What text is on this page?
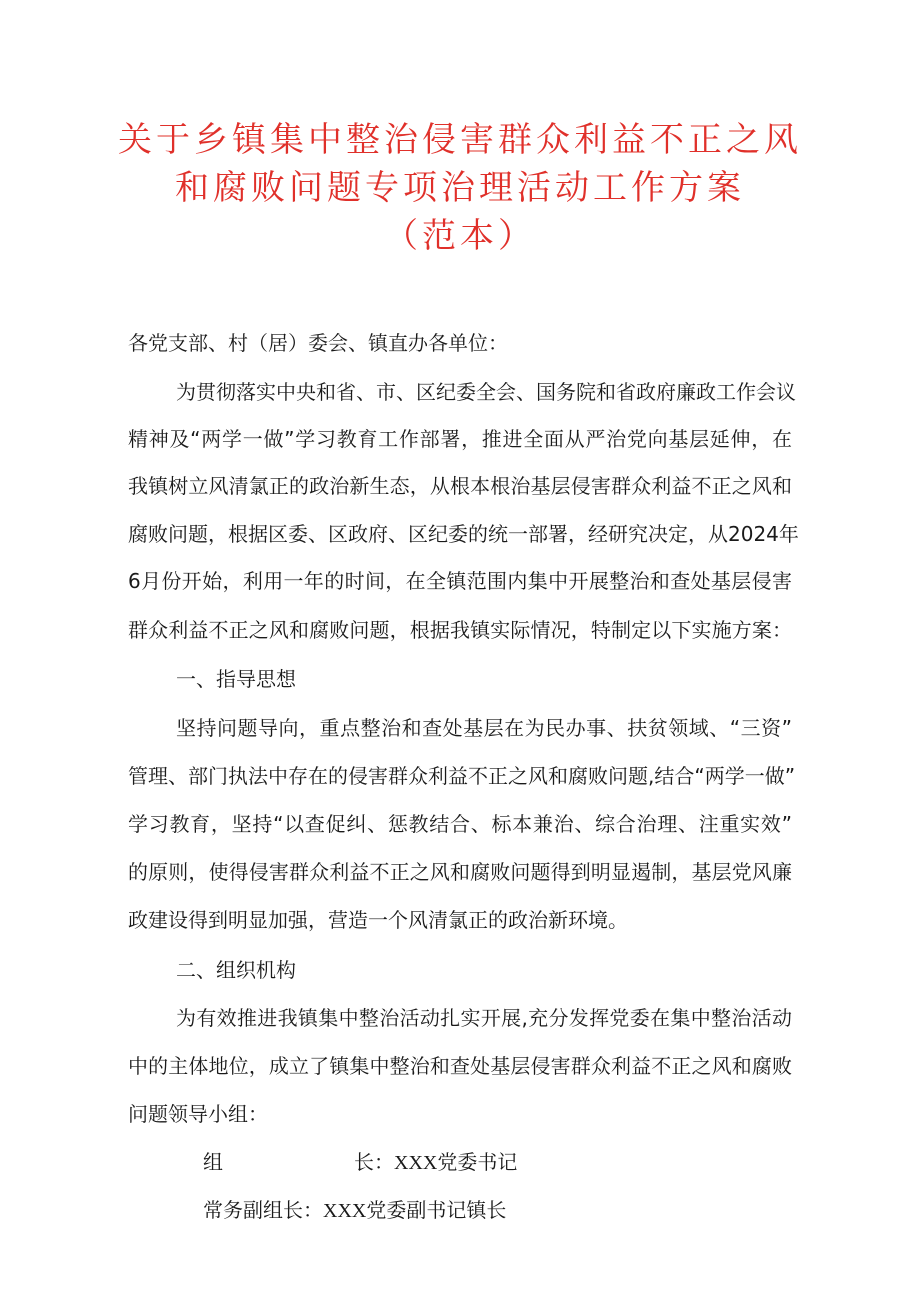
关于乡镇集中整治侵害群众利益不正之风
和腐败问题专项治理活动工作方案
（范本）
各党支部、村（居）委会、镇直办各单位：
为贯彻落实中央和省、市、区纪委全会、国务院和省政府廉政工作会议
精神及“两学一做”学习教育工作部署，推进全面从严治党向基层延伸，在
我镇树立风清氯正的政治新生态，从根本根治基层侵害群众利益不正之风和
腐败问题，根据区委、区政府、区纪委的统一部署，经研究决定，从2024年
6月份开始，利用一年的时间，在全镇范围内集中开展整治和查处基层侵害
群众利益不正之风和腐败问题，根据我镇实际情况，特制定以下实施方案：
一、指导思想
坚持问题导向，重点整治和查处基层在为民办事、扶贫领域、“三资”
管理、部门执法中存在的侵害群众利益不正之风和腐败问题,结合“两学一做”
学习教育，坚持“以查促纠、惩教结合、标本兼治、综合治理、注重实效”
的原则，使得侵害群众利益不正之风和腐败问题得到明显遏制，基层党风廉
政建设得到明显加强，营造一个风清氯正的政治新环境。
二、组织机构
为有效推进我镇集中整治活动扎实开展,充分发挥党委在集中整治活动
中的主体地位，成立了镇集中整治和查处基层侵害群众利益不正之风和腐败
问题领导小组：
组	长：XXX党委书记
常务副组长：XXX党委副书记镇长
